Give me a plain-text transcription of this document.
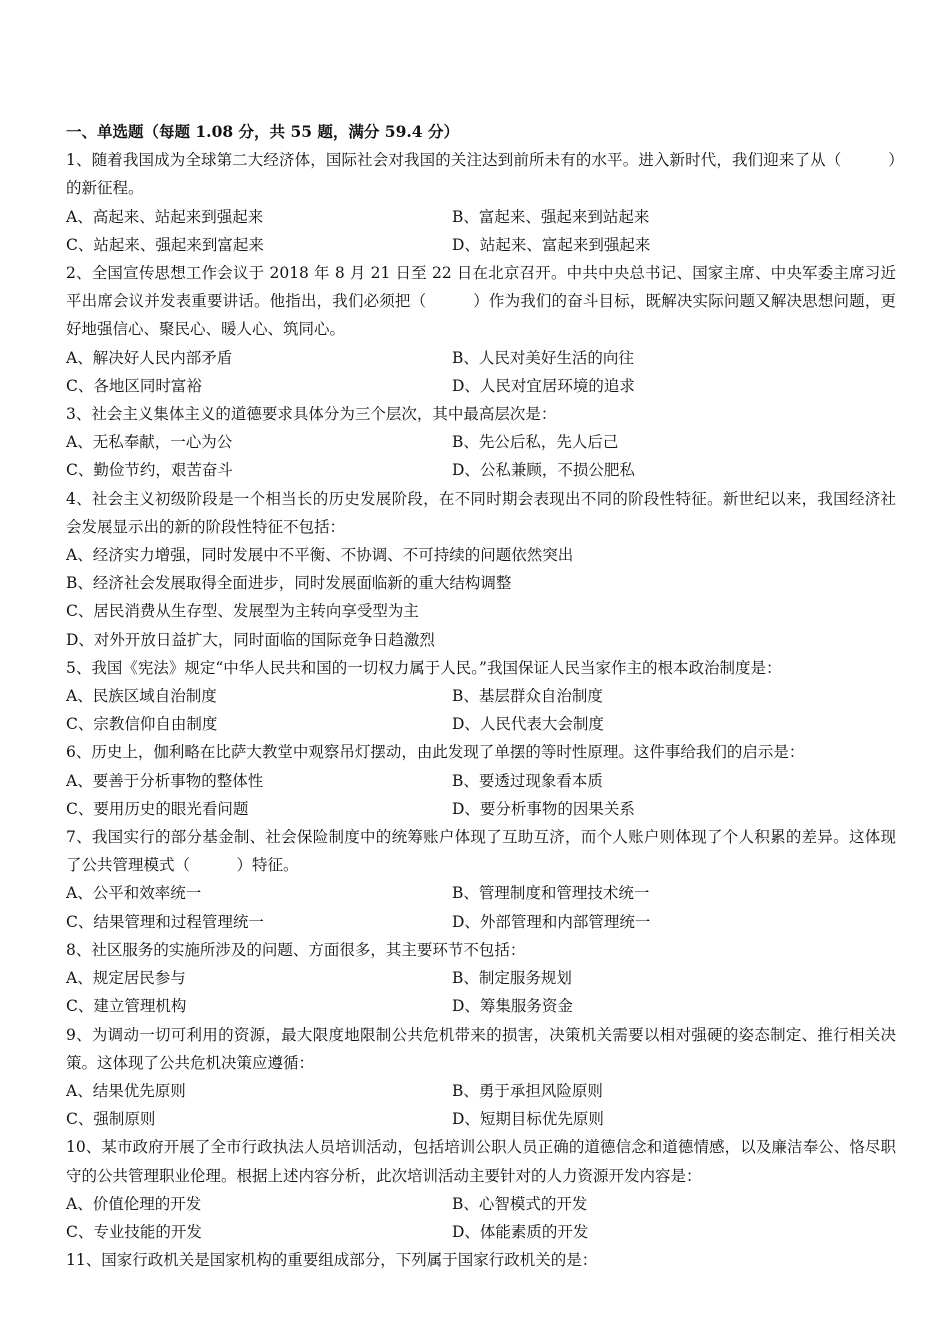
一、单选题（每题 1.08 分，共 55 题，满分 59.4 分）
1、随着我国成为全球第二大经济体，国际社会对我国的关注达到前所未有的水平。进入新时代，我们迎来了从（　　　）的新征程。
A、高起来、站起来到强起来	B、富起来、强起来到站起来
C、站起来、强起来到富起来	D、站起来、富起来到强起来
2、全国宣传思想工作会议于 2018 年 8 月 21 日至 22 日在北京召开。中共中央总书记、国家主席、中央军委主席习近平出席会议并发表重要讲话。他指出，我们必须把（　　　）作为我们的奋斗目标，既解决实际问题又解决思想问题，更好地强信心、聚民心、暖人心、筑同心。
A、解决好人民内部矛盾	B、人民对美好生活的向往
C、各地区同时富裕	D、人民对宜居环境的追求
3、社会主义集体主义的道德要求具体分为三个层次，其中最高层次是：
A、无私奉献，一心为公	B、先公后私，先人后己
C、勤俭节约，艰苦奋斗	D、公私兼顾，不损公肥私
4、社会主义初级阶段是一个相当长的历史发展阶段，在不同时期会表现出不同的阶段性特征。新世纪以来，我国经济社会发展显示出的新的阶段性特征不包括：
A、经济实力增强，同时发展中不平衡、不协调、不可持续的问题依然突出
B、经济社会发展取得全面进步，同时发展面临新的重大结构调整
C、居民消费从生存型、发展型为主转向享受型为主
D、对外开放日益扩大，同时面临的国际竞争日趋激烈
5、我国《宪法》规定“中华人民共和国的一切权力属于人民。”我国保证人民当家作主的根本政治制度是：
A、民族区域自治制度	B、基层群众自治制度
C、宗教信仰自由制度	D、人民代表大会制度
6、历史上，伽利略在比萨大教堂中观察吊灯摆动，由此发现了单摆的等时性原理。这件事给我们的启示是：
A、要善于分析事物的整体性	B、要透过现象看本质
C、要用历史的眼光看问题	D、要分析事物的因果关系
7、我国实行的部分基金制、社会保险制度中的统筹账户体现了互助互济，而个人账户则体现了个人积累的差异。这体现了公共管理模式（　　　）特征。
A、公平和效率统一	B、管理制度和管理技术统一
C、结果管理和过程管理统一	D、外部管理和内部管理统一
8、社区服务的实施所涉及的问题、方面很多，其主要环节不包括：
A、规定居民参与	B、制定服务规划
C、建立管理机构	D、筹集服务资金
9、为调动一切可利用的资源，最大限度地限制公共危机带来的损害，决策机关需要以相对强硬的姿态制定、推行相关决策。这体现了公共危机决策应遵循：
A、结果优先原则	B、勇于承担风险原则
C、强制原则	D、短期目标优先原则
10、某市政府开展了全市行政执法人员培训活动，包括培训公职人员正确的道德信念和道德情感，以及廉洁奉公、恪尽职守的公共管理职业伦理。根据上述内容分析，此次培训活动主要针对的人力资源开发内容是：
A、价值伦理的开发	B、心智模式的开发
C、专业技能的开发	D、体能素质的开发
11、国家行政机关是国家机构的重要组成部分，下列属于国家行政机关的是：
